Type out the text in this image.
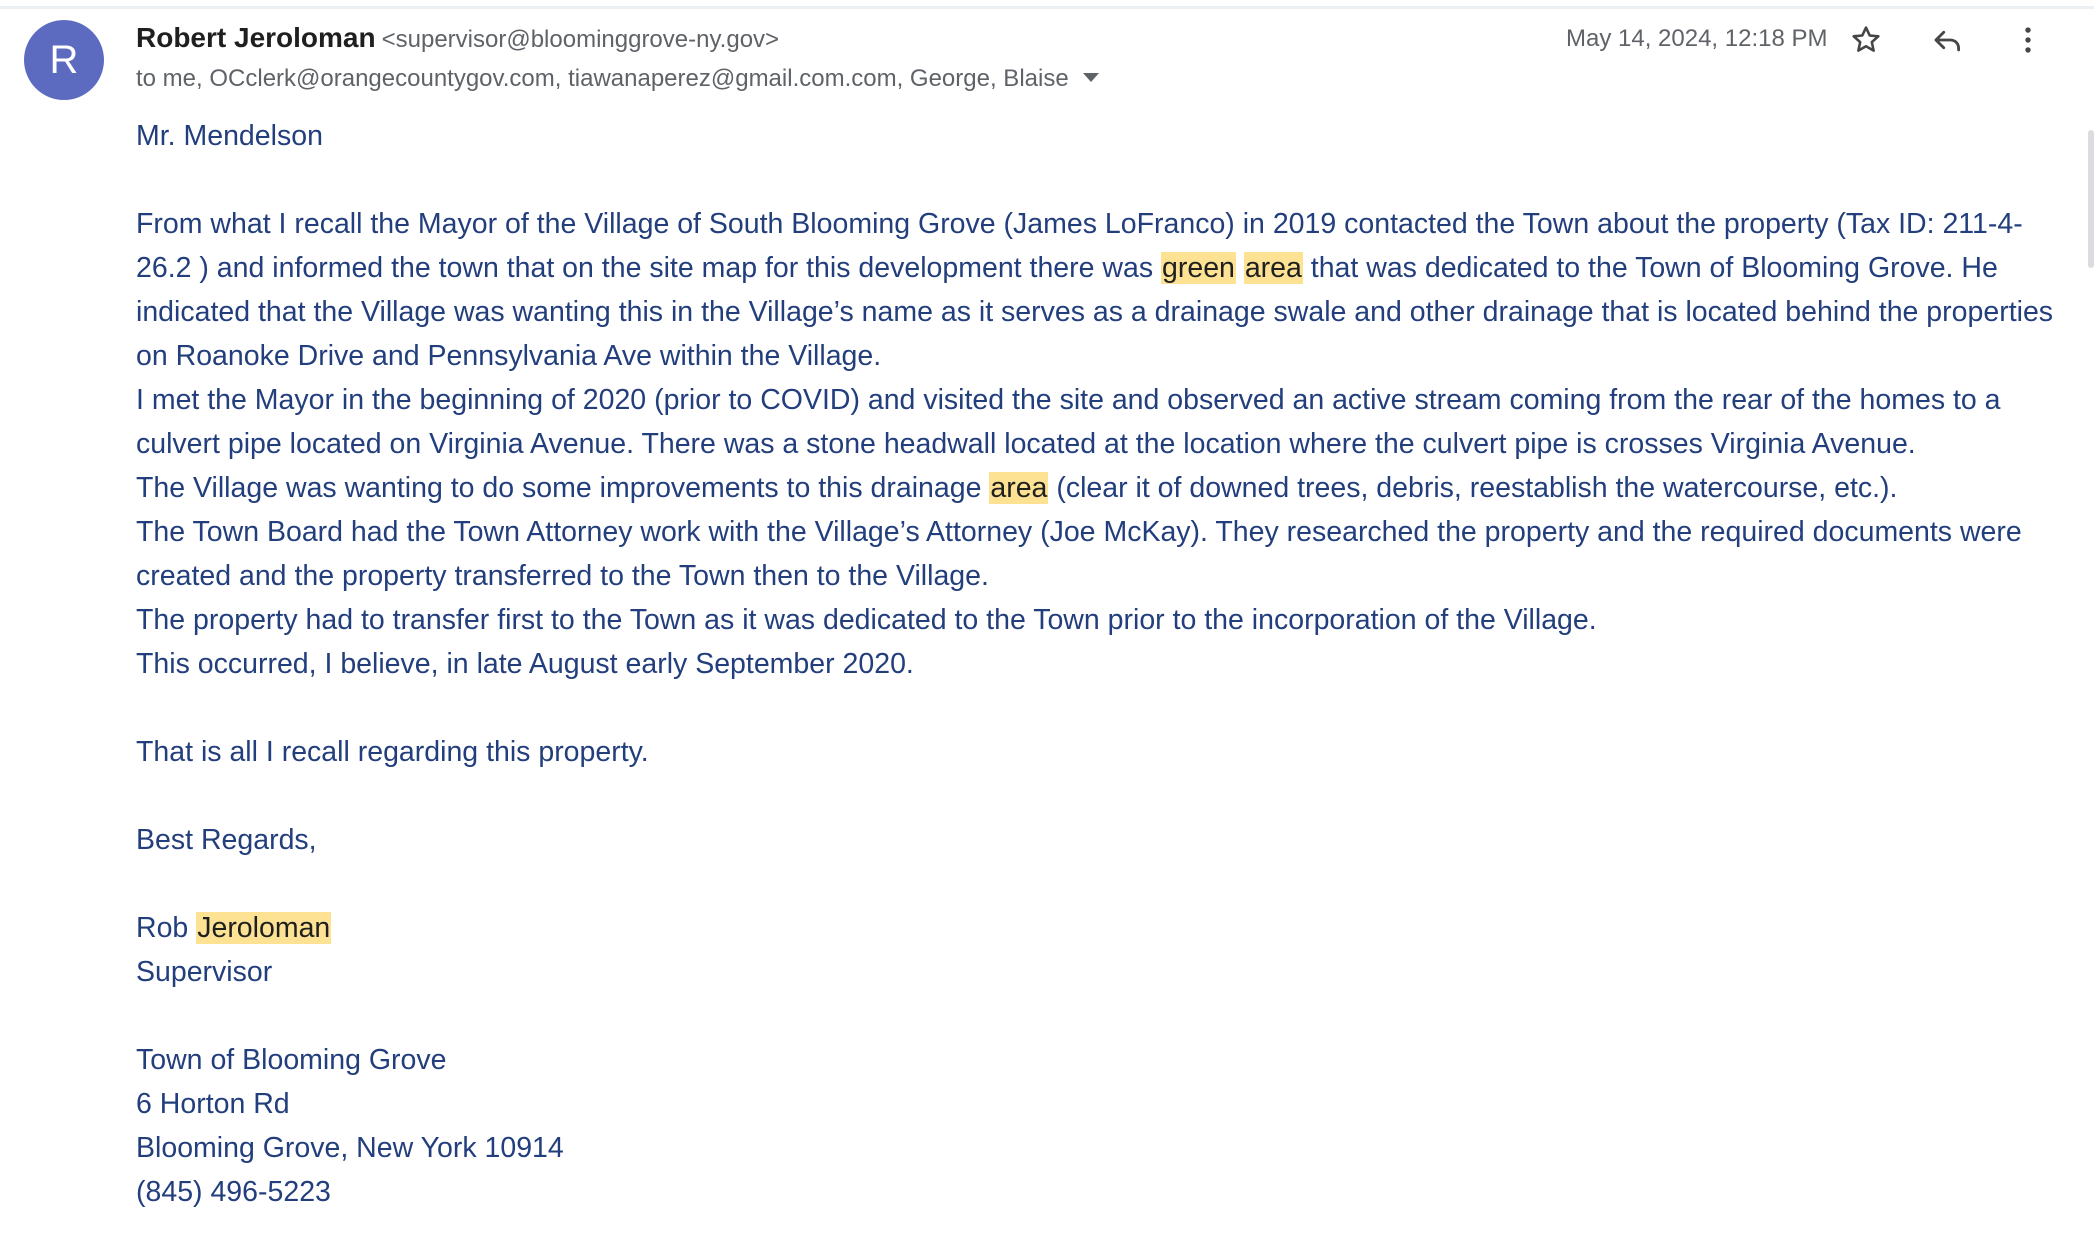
R
Robert Jeroloman <supervisor@bloominggrove-ny.gov>
to me, OCclerk@orangecountygov.com, tiawanaperez@gmail.com.com, George, Blaise
May 14, 2024, 12:18 PM

Mr. Mendelson

From what I recall the Mayor of the Village of South Blooming Grove (James LoFranco) in 2019 contacted the Town about the property (Tax ID: 211-4-26.2 ) and informed the town that on the site map for this development there was green area that was dedicated to the Town of Blooming Grove. He indicated that the Village was wanting this in the Village’s name as it serves as a drainage swale and other drainage that is located behind the properties on Roanoke Drive and Pennsylvania Ave within the Village.

I met the Mayor in the beginning of 2020 (prior to COVID) and visited the site and observed an active stream coming from the rear of the homes to a culvert pipe located on Virginia Avenue. There was a stone headwall located at the location where the culvert pipe is crosses Virginia Avenue.

The Village was wanting to do some improvements to this drainage area (clear it of downed trees, debris, reestablish the watercourse, etc.).

The Town Board had the Town Attorney work with the Village’s Attorney (Joe McKay). They researched the property and the required documents were created and the property transferred to the Town then to the Village.

The property had to transfer first to the Town as it was dedicated to the Town prior to the incorporation of the Village.

This occurred, I believe, in late August early September 2020.

That is all I recall regarding this property.

Best Regards,

Rob Jeroloman

Supervisor

Town of Blooming Grove

6 Horton Rd

Blooming Grove, New York 10914

(845) 496-5223
